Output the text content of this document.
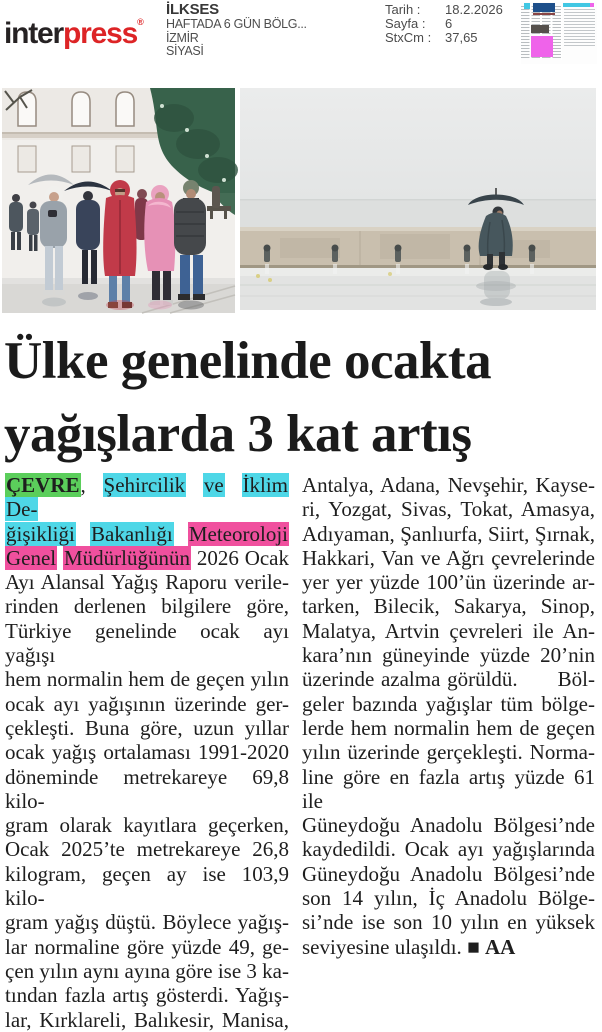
interpress®
İLKSES
HAFTADA 6 GÜN BÖLG...
İZMİR
SİYASİ
Tarih :	18.2.2026
Sayfa :	6
StxCm :	37,65
Ülke genelinde ocakta
yağışlarda 3 kat artış
ÇEVRE, Şehircilik ve İklim De-
ğişikliği Bakanlığı Meteoroloji
Genel Müdürlüğünün 2026 Ocak
Ayı Alansal Yağış Raporu verile-
rinden derlenen bilgilere göre,
Türkiye genelinde ocak ayı yağışı
hem normalin hem de geçen yılın
ocak ayı yağışının üzerinde ger-
çekleşti. Buna göre, uzun yıllar
ocak yağış ortalaması 1991-2020
döneminde metrekareye 69,8 kilo-
gram olarak kayıtlara geçerken,
Ocak 2025’te metrekareye 26,8
kilogram, geçen ay ise 103,9 kilo-
gram yağış düştü. Böylece yağış-
lar normaline göre yüzde 49, ge-
çen yılın aynı ayına göre ise 3 ka-
tından fazla artış gösterdi. Yağış-
lar, Kırklareli, Balıkesir, Manisa,
Antalya, Adana, Nevşehir, Kayse-
ri, Yozgat, Sivas, Tokat, Amasya,
Adıyaman, Şanlıurfa, Siirt, Şırnak,
Hakkari, Van ve Ağrı çevrelerinde
yer yer yüzde 100’ün üzerinde ar-
tarken, Bilecik, Sakarya, Sinop,
Malatya, Artvin çevreleri ile An-
kara’nın güneyinde yüzde 20’nin
üzerinde azalma görüldü.      Böl-
geler bazında yağışlar tüm bölge-
lerde hem normalin hem de geçen
yılın üzerinde gerçekleşti. Norma-
line göre en fazla artış yüzde 61 ile
Güneydoğu Anadolu Bölgesi’nde
kaydedildi. Ocak ayı yağışlarında
Güneydoğu Anadolu Bölgesi’nde
son 14 yılın, İç Anadolu Bölge-
si’nde ise son 10 yılın en yüksek
seviyesine ulaşıldı. ■ AA
